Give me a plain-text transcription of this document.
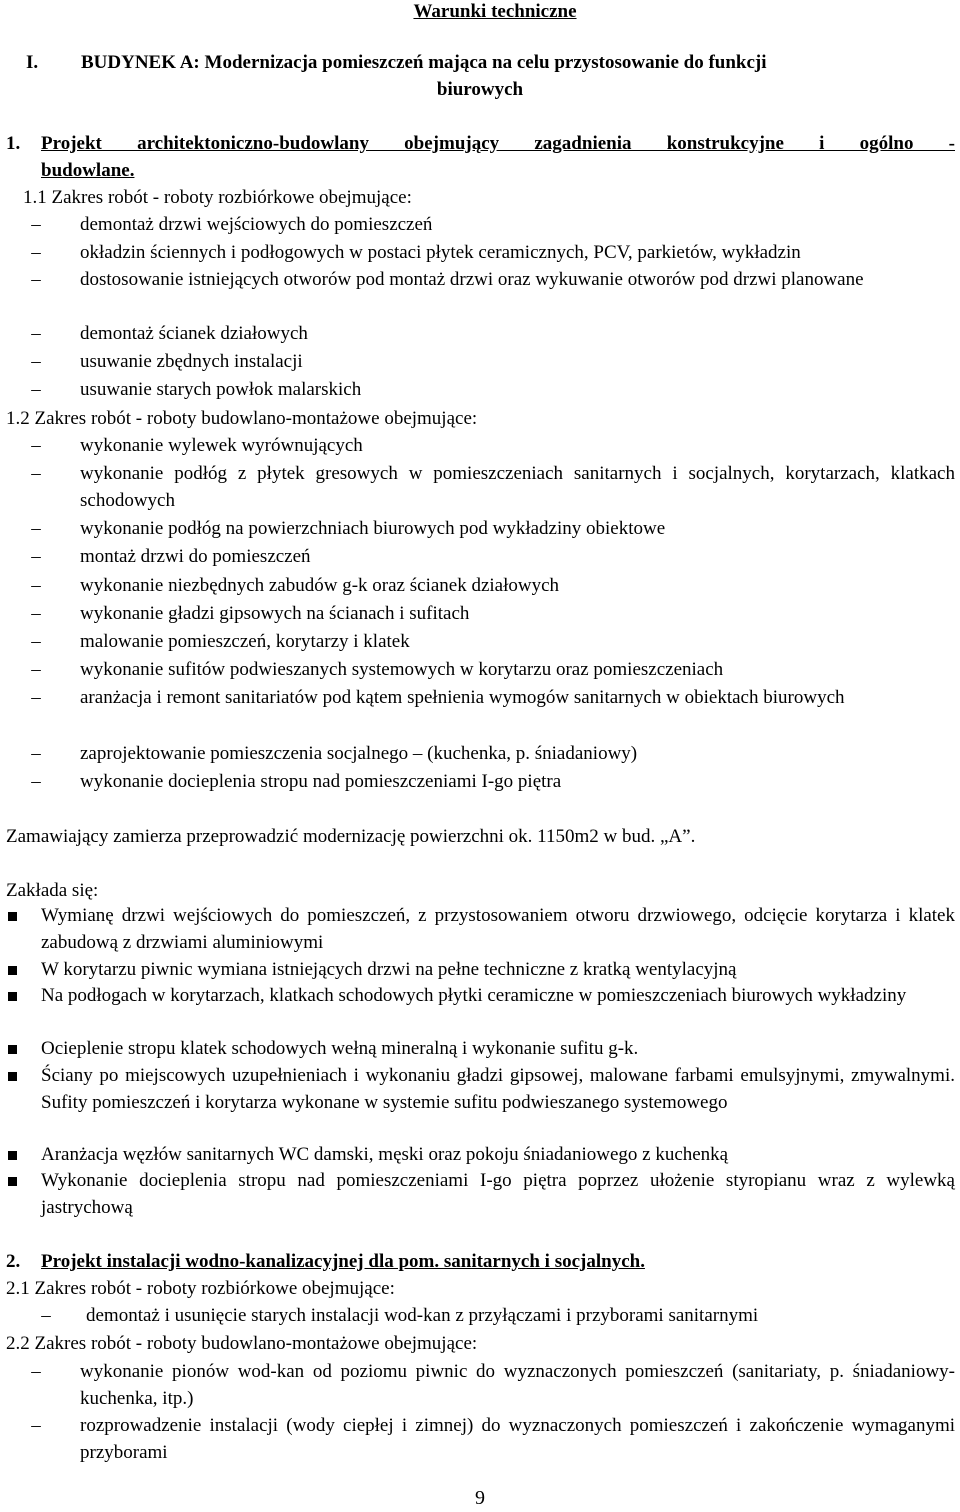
Warunki techniczne
I. BUDYNEK A: Modernizacja pomieszczeń mająca na celu przystosowanie do funkcji
biurowych
1. Projekt architektoniczno-budowlany obejmujący zagadnienia konstrukcyjne i ogólno -
budowlane.
1.1 Zakres robót - roboty rozbiórkowe obejmujące:
–	demontaż drzwi wejściowych do pomieszczeń
–	okładzin ściennych i podłogowych w postaci płytek ceramicznych, PCV, parkietów, wykładzin
–	dostosowanie istniejących otworów pod montaż drzwi oraz wykuwanie otworów pod drzwi planowane
–	demontaż ścianek działowych
–	usuwanie zbędnych instalacji
–	usuwanie starych powłok malarskich
1.2 Zakres robót - roboty budowlano-montażowe obejmujące:
–	wykonanie wylewek wyrównujących
–	wykonanie podłóg z płytek gresowych w pomieszczeniach sanitarnych i socjalnych, korytarzach, klatkach schodowych
–	wykonanie podłóg na powierzchniach biurowych pod wykładziny obiektowe
–	montaż drzwi do pomieszczeń
–	wykonanie niezbędnych zabudów g-k oraz ścianek działowych
–	wykonanie gładzi gipsowych na ścianach i sufitach
–	malowanie pomieszczeń, korytarzy i klatek
–	wykonanie sufitów podwieszanych systemowych w korytarzu oraz pomieszczeniach
–	aranżacja i remont sanitariatów pod kątem spełnienia wymogów sanitarnych w obiektach biurowych
–	zaprojektowanie pomieszczenia socjalnego – (kuchenka, p. śniadaniowy)
–	wykonanie docieplenia stropu nad pomieszczeniami I-go piętra
Zamawiający zamierza przeprowadzić modernizację powierzchni ok. 1150m2 w bud. „A”.
Zakłada się:
Wymianę drzwi wejściowych do pomieszczeń, z przystosowaniem otworu drzwiowego, odcięcie korytarza i klatek zabudową z drzwiami aluminiowymi
W korytarzu piwnic wymiana istniejących drzwi na pełne techniczne z kratką wentylacyjną
Na podłogach w korytarzach, klatkach schodowych płytki ceramiczne w pomieszczeniach biurowych wykładziny
Ocieplenie stropu klatek schodowych wełną mineralną i wykonanie sufitu g-k.
Ściany po miejscowych uzupełnieniach i wykonaniu gładzi gipsowej, malowane farbami emulsyjnymi, zmywalnymi. Sufity pomieszczeń i korytarza wykonane w systemie sufitu podwieszanego systemowego
Aranżacja węzłów sanitarnych WC damski, męski oraz pokoju śniadaniowego z kuchenką
Wykonanie docieplenia stropu nad pomieszczeniami I-go piętra poprzez ułożenie styropianu wraz z wylewką jastrychową
2. Projekt instalacji wodno-kanalizacyjnej dla pom. sanitarnych i socjalnych.
2.1 Zakres robót - roboty rozbiórkowe obejmujące:
–	demontaż i usunięcie starych instalacji wod-kan z przyłączami i przyborami sanitarnymi
2.2 Zakres robót - roboty budowlano-montażowe obejmujące:
–	wykonanie pionów wod-kan od poziomu piwnic do wyznaczonych pomieszczeń (sanitariaty, p. śniadaniowy-kuchenka, itp.)
–	rozprowadzenie instalacji (wody ciepłej i zimnej) do wyznaczonych pomieszczeń i zakończenie wymaganymi przyborami
9
